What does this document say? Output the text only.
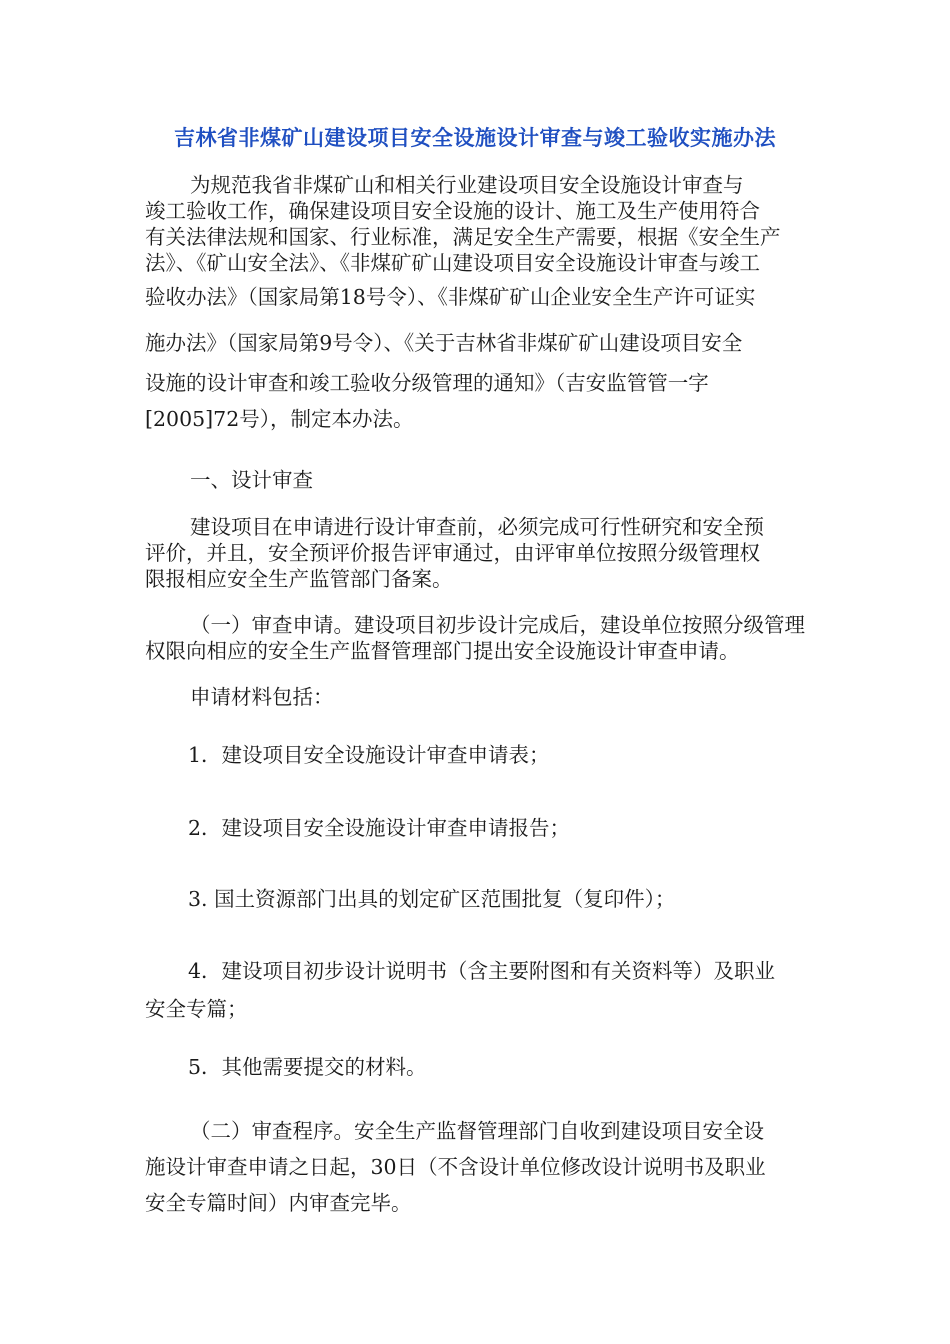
吉林省非煤矿山建设项目安全设施设计审查与竣工验收实施办法
为规范我省非煤矿山和相关行业建设项目安全设施设计审查与
竣工验收工作，确保建设项目安全设施的设计、施工及生产使用符合
有关法律法规和国家、行业标准，满足安全生产需要，根据《安全生产
法》、《矿山安全法》、《非煤矿矿山建设项目安全设施设计审查与竣工
验收办法》（国家局第18号令）、《非煤矿矿山企业安全生产许可证实
施办法》（国家局第9号令）、《关于吉林省非煤矿矿山建设项目安全
设施的设计审查和竣工验收分级管理的通知》（吉安监管管一字
[2005]72号），制定本办法。
一、设计审查
建设项目在申请进行设计审查前，必须完成可行性研究和安全预
评价，并且，安全预评价报告评审通过，由评审单位按照分级管理权
限报相应安全生产监管部门备案。
（一）审查申请。建设项目初步设计完成后，建设单位按照分级管理
权限向相应的安全生产监督管理部门提出安全设施设计审查申请。
申请材料包括：
1．建设项目安全设施设计审查申请表；
2．建设项目安全设施设计审查申请报告；
3. 国土资源部门出具的划定矿区范围批复（复印件）；
4．建设项目初步设计说明书（含主要附图和有关资料等）及职业
安全专篇；
5．其他需要提交的材料。
（二）审查程序。安全生产监督管理部门自收到建设项目安全设
施设计审查申请之日起，30日（不含设计单位修改设计说明书及职业
安全专篇时间）内审查完毕。
